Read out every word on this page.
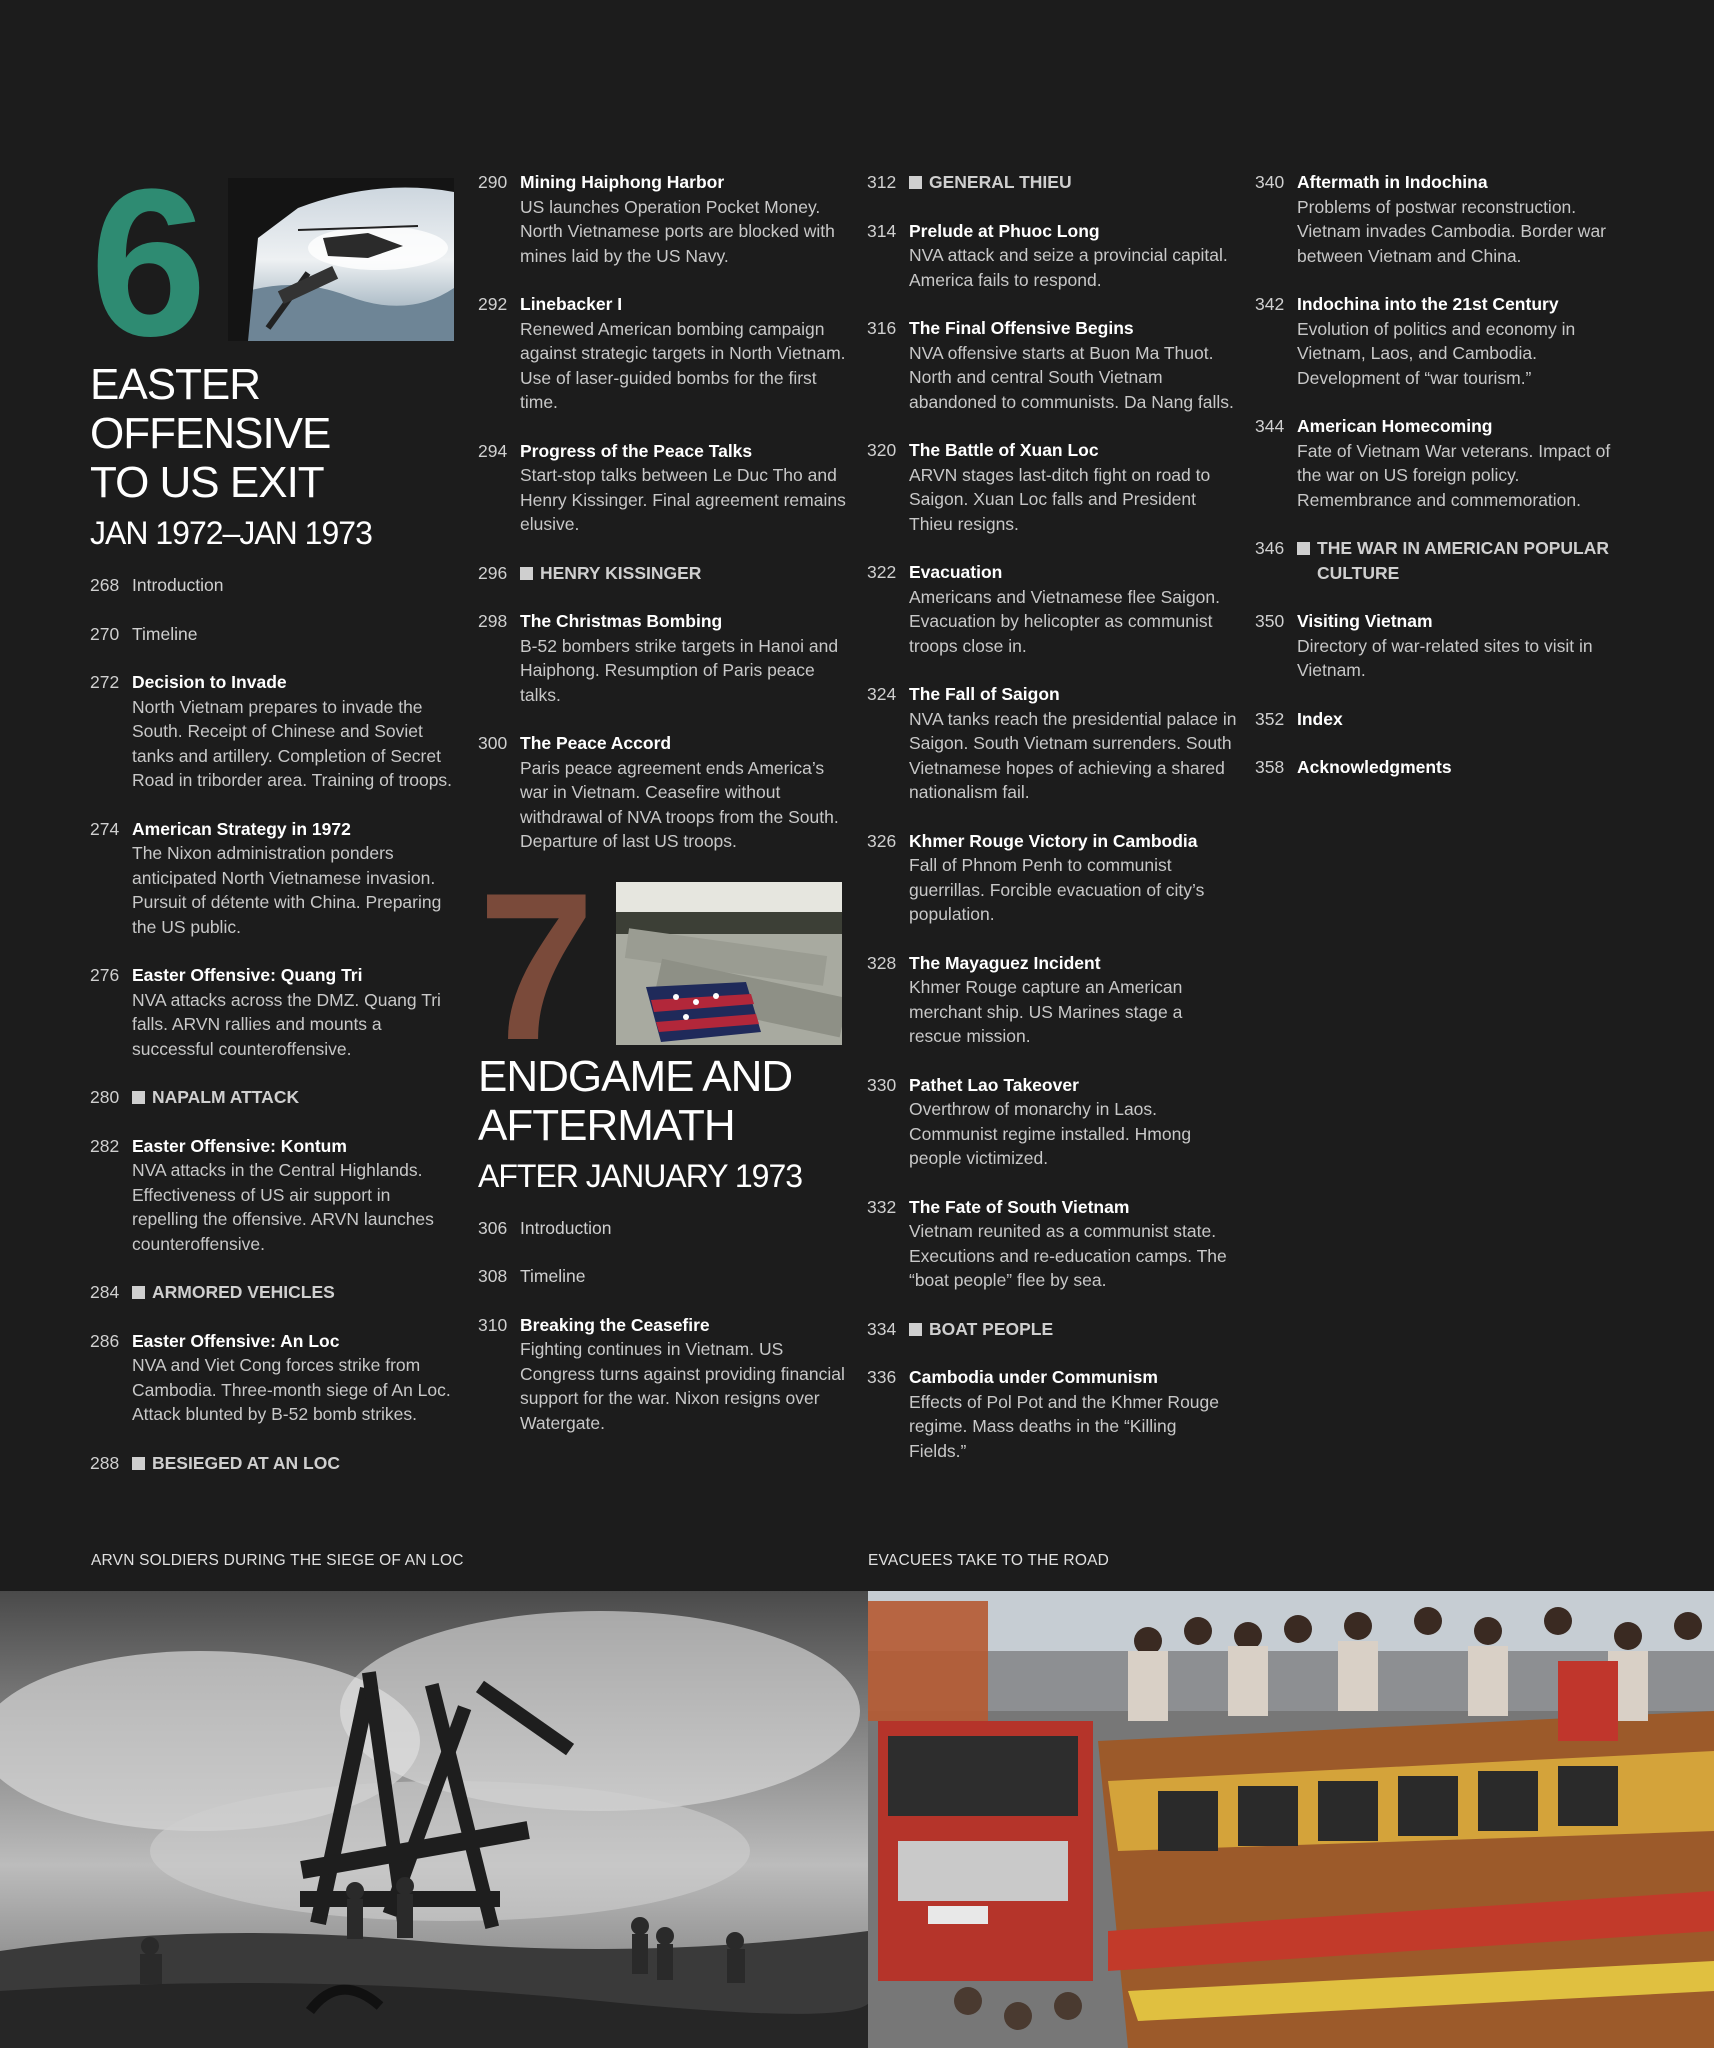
6
EASTER OFFENSIVE
TO US EXIT
JAN 1972–JAN 1973
268 Introduction
270 Timeline
272 Decision to Invade
North Vietnam prepares to invade the South. Receipt of Chinese and Soviet tanks and artillery. Completion of Secret Road in triborder area. Training of troops.
274 American Strategy in 1972
The Nixon administration ponders anticipated North Vietnamese invasion. Pursuit of détente with China. Preparing the US public.
276 Easter Offensive: Quang Tri
NVA attacks across the DMZ. Quang Tri falls. ARVN rallies and mounts a successful counteroffensive.
280	NAPALM ATTACK
282 Easter Offensive: Kontum
NVA attacks in the Central Highlands. Effectiveness of US air support in repelling the offensive. ARVN launches counteroffensive.
284	ARMORED VEHICLES
286 Easter Offensive: An Loc
NVA and Viet Cong forces strike from Cambodia. Three-month siege of An Loc. Attack blunted by B-52 bomb strikes.
288	BESIEGED AT AN LOC
290 Mining Haiphong Harbor
US launches Operation Pocket Money. North Vietnamese ports are blocked with mines laid by the US Navy.
292 Linebacker I
Renewed American bombing campaign against strategic targets in North Vietnam. Use of laser-guided bombs for the first time.
294 Progress of the Peace Talks
Start-stop talks between Le Duc Tho and Henry Kissinger. Final agreement remains elusive.
296	HENRY KISSINGER
298 The Christmas Bombing
B-52 bombers strike targets in Hanoi and Haiphong. Resumption of Paris peace talks.
300 The Peace Accord
Paris peace agreement ends America’s war in Vietnam. Ceasefire without withdrawal of NVA troops from the South. Departure of last US troops.
7
ENDGAME AND
AFTERMATH
AFTER JANUARY 1973
306 Introduction
308 Timeline
310 Breaking the Ceasefire
Fighting continues in Vietnam. US Congress turns against providing financial support for the war. Nixon resigns over Watergate.
312	GENERAL THIEU
314 Prelude at Phuoc Long
NVA attack and seize a provincial capital. America fails to respond.
316 The Final Offensive Begins
NVA offensive starts at Buon Ma Thuot. North and central South Vietnam abandoned to communists. Da Nang falls.
320 The Battle of Xuan Loc
ARVN stages last-ditch fight on road to Saigon. Xuan Loc falls and President Thieu resigns.
322 Evacuation
Americans and Vietnamese flee Saigon. Evacuation by helicopter as communist troops close in.
324 The Fall of Saigon
NVA tanks reach the presidential palace in Saigon. South Vietnam surrenders. South Vietnamese hopes of achieving a shared nationalism fail.
326 Khmer Rouge Victory in Cambodia
Fall of Phnom Penh to communist guerrillas. Forcible evacuation of city’s population.
328 The Mayaguez Incident
Khmer Rouge capture an American merchant ship. US Marines stage a rescue mission.
330 Pathet Lao Takeover
Overthrow of monarchy in Laos. Communist regime installed. Hmong people victimized.
332 The Fate of South Vietnam
Vietnam reunited as a communist state. Executions and re-education camps. The “boat people” flee by sea.
334	BOAT PEOPLE
336 Cambodia under Communism
Effects of Pol Pot and the Khmer Rouge regime. Mass deaths in the “Killing Fields.”
340 Aftermath in Indochina
Problems of postwar reconstruction. Vietnam invades Cambodia. Border war between Vietnam and China.
342 Indochina into the 21st Century
Evolution of politics and economy in Vietnam, Laos, and Cambodia. Development of “war tourism.”
344 American Homecoming
Fate of Vietnam War veterans. Impact of the war on US foreign policy. Remembrance and commemoration.
346	THE WAR IN AMERICAN POPULAR CULTURE
350 Visiting Vietnam
Directory of war-related sites to visit in Vietnam.
352 Index
358 Acknowledgments
ARVN SOLDIERS DURING THE SIEGE OF AN LOC	EVACUEES TAKE TO THE ROAD
